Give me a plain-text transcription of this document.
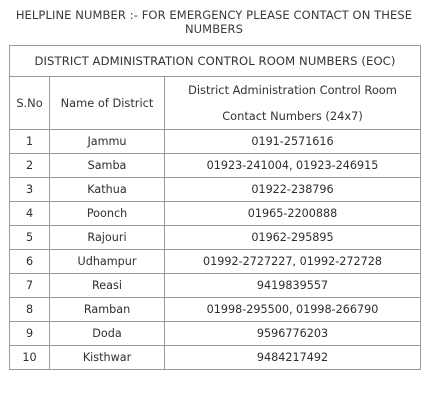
HELPLINE NUMBER :- FOR EMERGENCY PLEASE CONTACT ON THESE
NUMBERS
DISTRICT ADMINISTRATION CONTROL ROOM NUMBERS (EOC)		
S.No	Name of District	District Administration Control Room
Contact Numbers (24x7)

1	Jammu	0191-2571616
2	Samba	01923-241004, 01923-246915
3	Kathua	01922-238796
4	Poonch	01965-2200888
5	Rajouri	01962-295895
6	Udhampur	01992-2727227, 01992-272728
7	Reasi	9419839557
8	Ramban	01998-295500, 01998-266790
9	Doda	9596776203
10	Kisthwar	9484217492
